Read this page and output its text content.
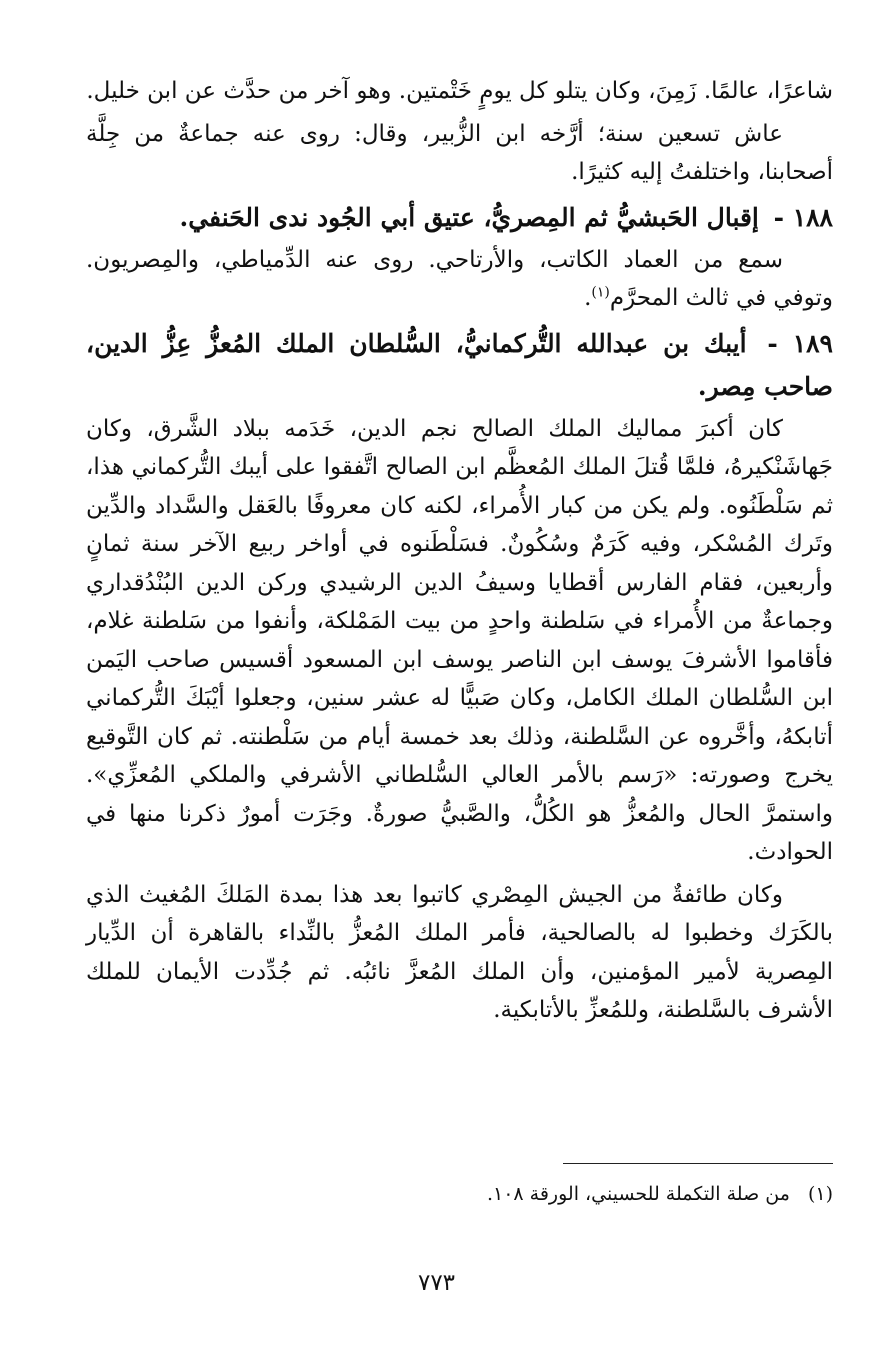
شاعرًا، عالمًا. زَمِنَ، وكان يتلو كل يومٍ خَتْمتين. وهو آخر من حدَّث عن ابن خليل.

عاش تسعين سنة؛ أرَّخه ابن الزُّبير، وقال: روى عنه جماعةٌ من جِلَّة أصحابنا، واختلفتُ إليه كثيرًا.

١٨٨ - إقبال الحَبشيُّ ثم المِصريُّ، عتيق أبي الجُود ندى الحَنفي.

سمع من العماد الكاتب، والأرتاحي. روى عنه الدِّمياطي، والمِصريون. وتوفي في ثالث المحرَّم$^{(١)}$.

١٨٩ - أيبك بن عبدالله التُّركمانيُّ، السُّلطان الملك المُعزُّ عِزُّ الدين، صاحب مِصر.

كان أكبرَ مماليك الملك الصالح نجم الدين، خَدَمه ببلاد الشَّرق، وكان جَهاشَنْكيرهُ، فلمَّا قُتلَ الملك المُعظَّم ابن الصالح اتَّفقوا على أيبك التُّركماني هذا، ثم سَلْطَنُوه. ولم يكن من كبار الأُمراء، لكنه كان معروفًا بالعَقل والسَّداد والدِّين وتَرك المُسْكر، وفيه كَرَمٌ وسُكُونٌ. فسَلْطَنوه في أواخر ربيع الآخر سنة ثمانٍ وأربعين، فقام الفارس أقطايا وسيفُ الدين الرشيدي وركن الدين البُنْدُقداري وجماعةٌ من الأُمراء في سَلطنة واحدٍ من بيت المَمْلكة، وأنفوا من سَلطنة غلام، فأقاموا الأشرفَ يوسف ابن الناصر يوسف ابن المسعود أقسيس صاحب اليَمن ابن السُّلطان الملك الكامل، وكان صَبيًّا له عشر سنين، وجعلوا أيْبَكَ التُّركماني أتابكهُ، وأخَّروه عن السَّلطنة، وذلك بعد خمسة أيام من سَلْطنته. ثم كان التَّوقيع يخرج وصورته: «رَسم بالأمر العالي السُّلطاني الأشرفي والملكي المُعزِّي». واستمرَّ الحال والمُعزُّ هو الكُلُّ، والصَّبيُّ صورةٌ. وجَرَت أمورٌ ذكرنا منها في الحوادث.

وكان طائفةٌ من الجيش المِصْري كاتبوا بعد هذا بمدة المَلكَ المُغيث الذي بالكَرَك وخطبوا له بالصالحية، فأمر الملك المُعزُّ بالنِّداء بالقاهرة أن الدِّيار المِصرية لأمير المؤمنين، وأن الملك المُعزَّ نائبُه. ثم جُدِّدت الأيمان للملك الأشرف بالسَّلطنة، وللمُعزِّ بالأتابكية.

(١) من صلة التكملة للحسيني، الورقة ١٠٨.
٧٧٣
